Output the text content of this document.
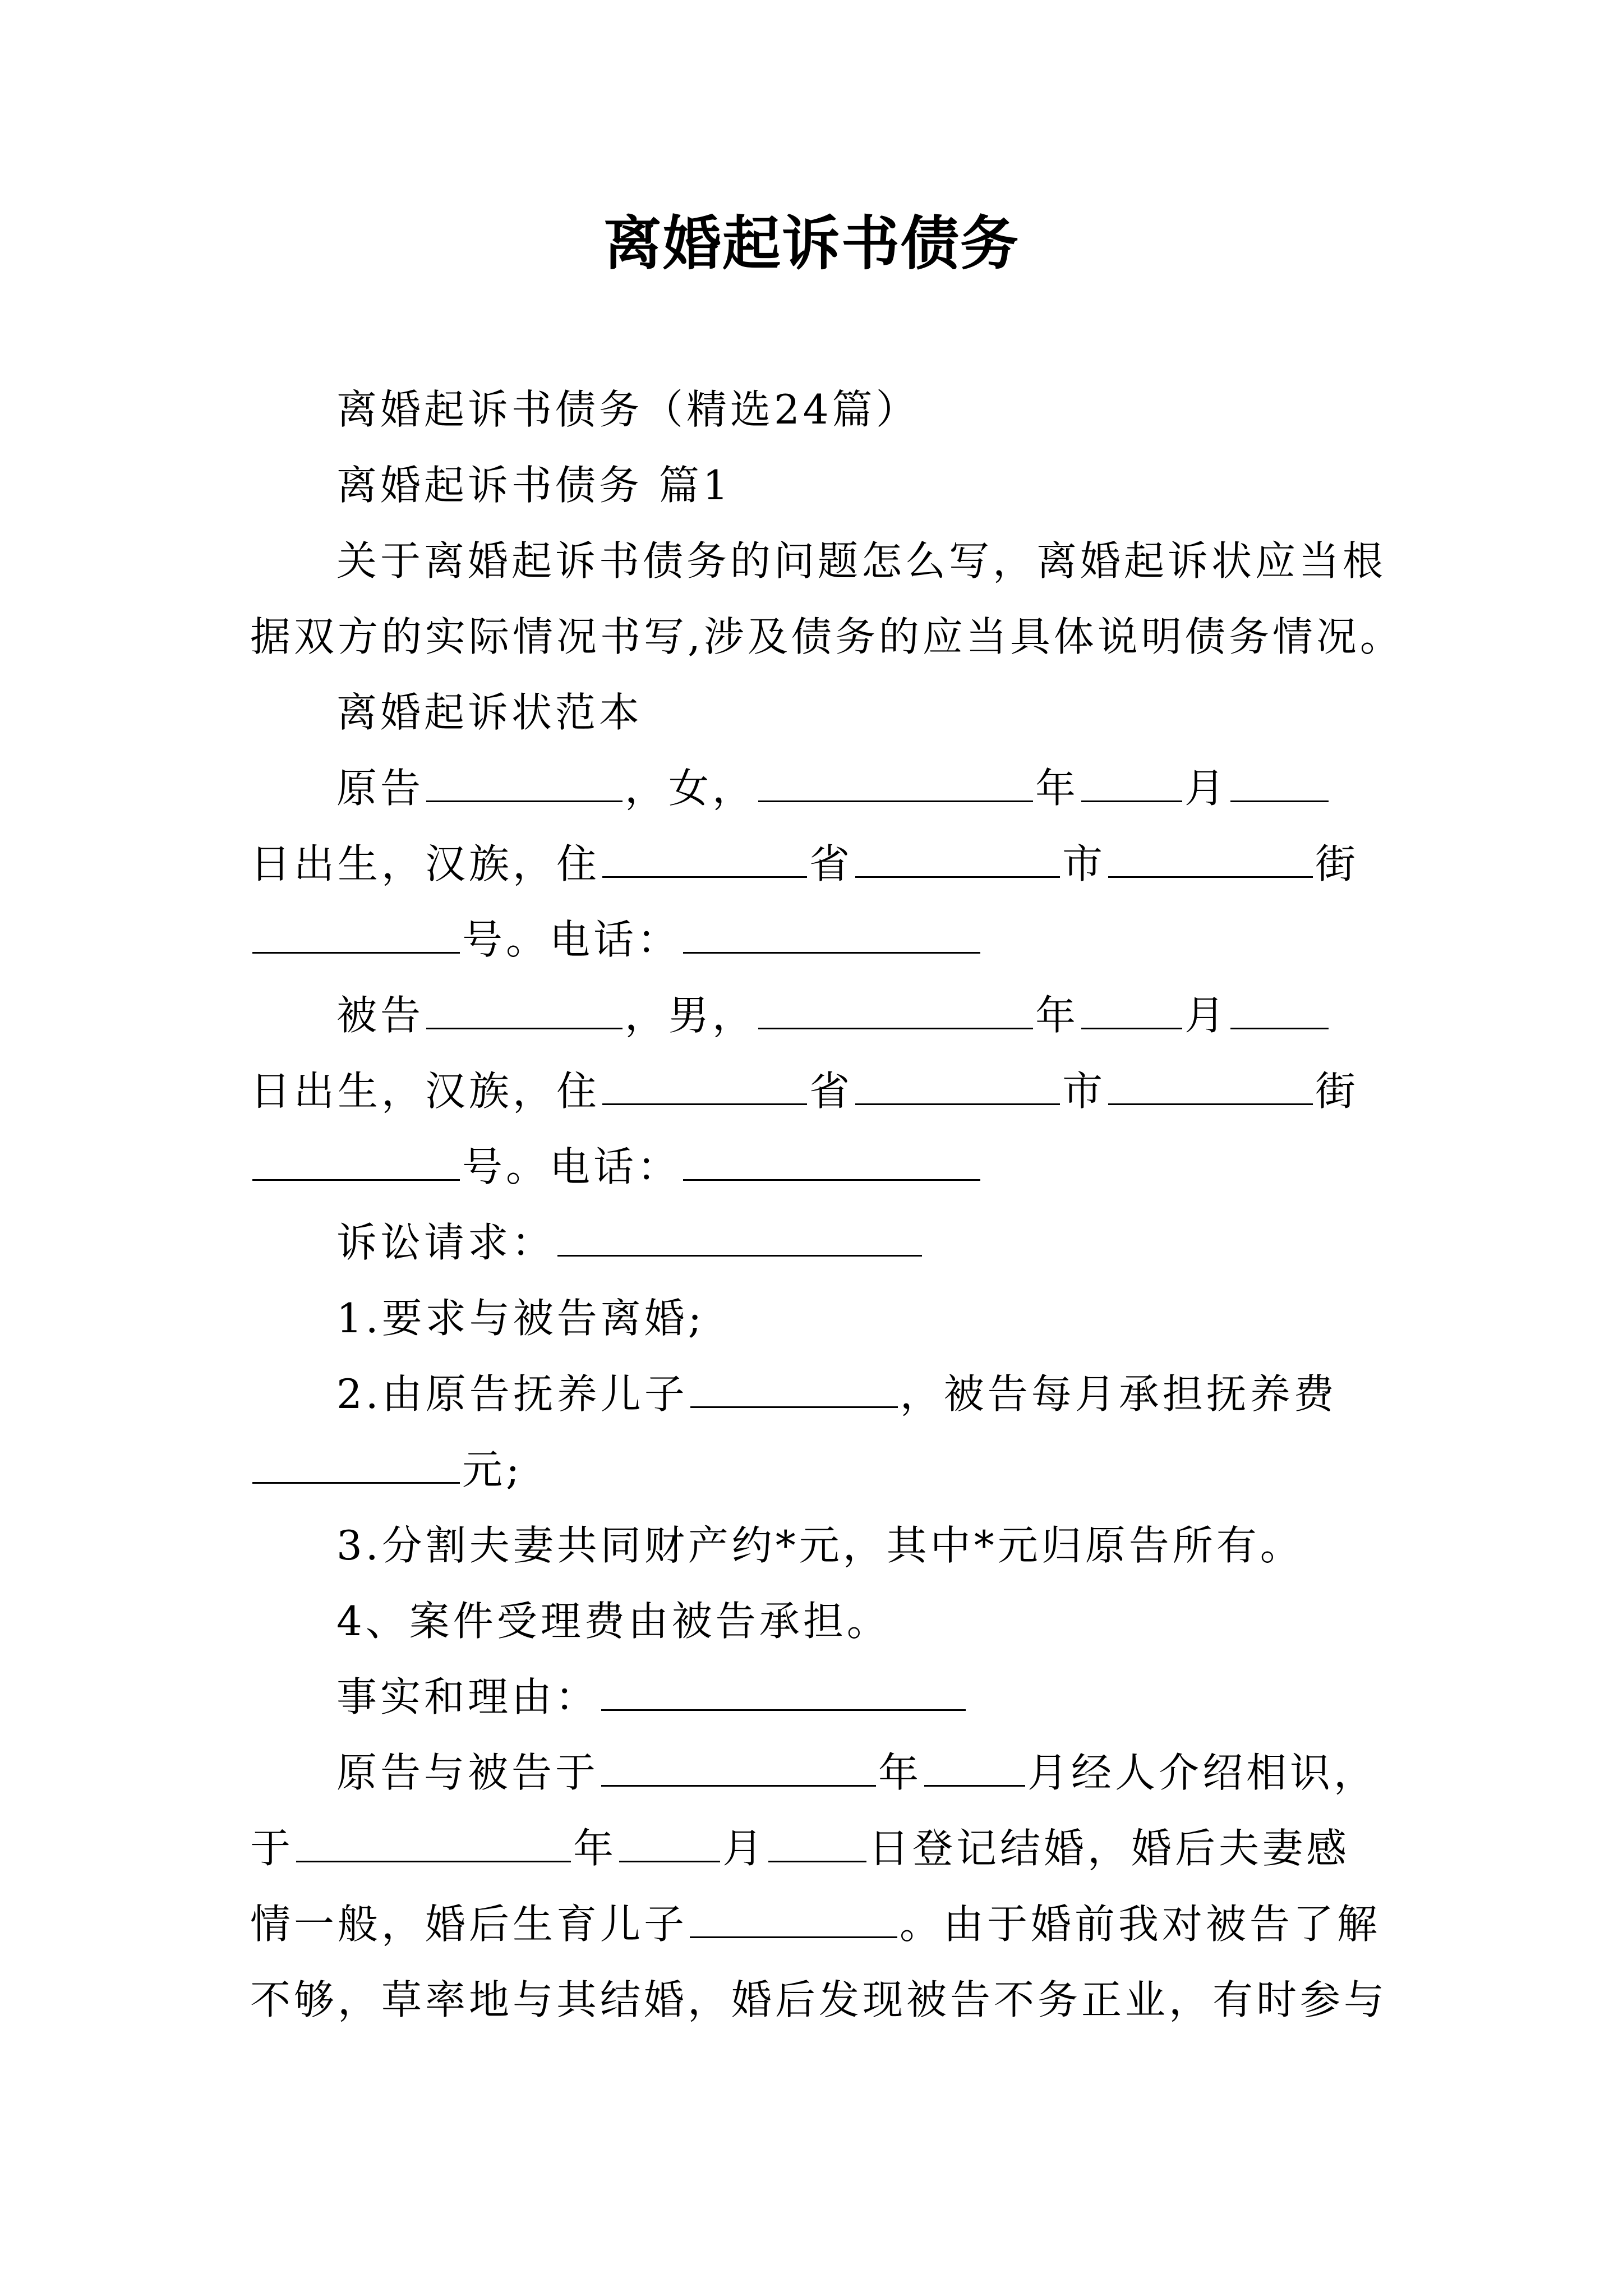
离婚起诉书债务
离婚起诉书债务（精选24篇）
离婚起诉书债务 篇1
关于离婚起诉书债务的问题怎么写，离婚起诉状应当根
据双方的实际情况书写,涉及债务的应当具体说明债务情况。
离婚起诉状范本
原告	，女，	年	月
日出生，汉族，住	省	市	街
号。电话：
被告	，男，	年	月
日出生，汉族，住	省	市	街
号。电话：
诉讼请求：
1.要求与被告离婚;
2.由原告抚养儿子	，被告每月承担抚养费
元;
3.分割夫妻共同财产约*元，其中*元归原告所有。
4、案件受理费由被告承担。
事实和理由：
原告与被告于	年	月经人介绍相识，
于	年	月	日登记结婚，婚后夫妻感
情一般，婚后生育儿子	。由于婚前我对被告了解
不够，草率地与其结婚，婚后发现被告不务正业，有时参与
